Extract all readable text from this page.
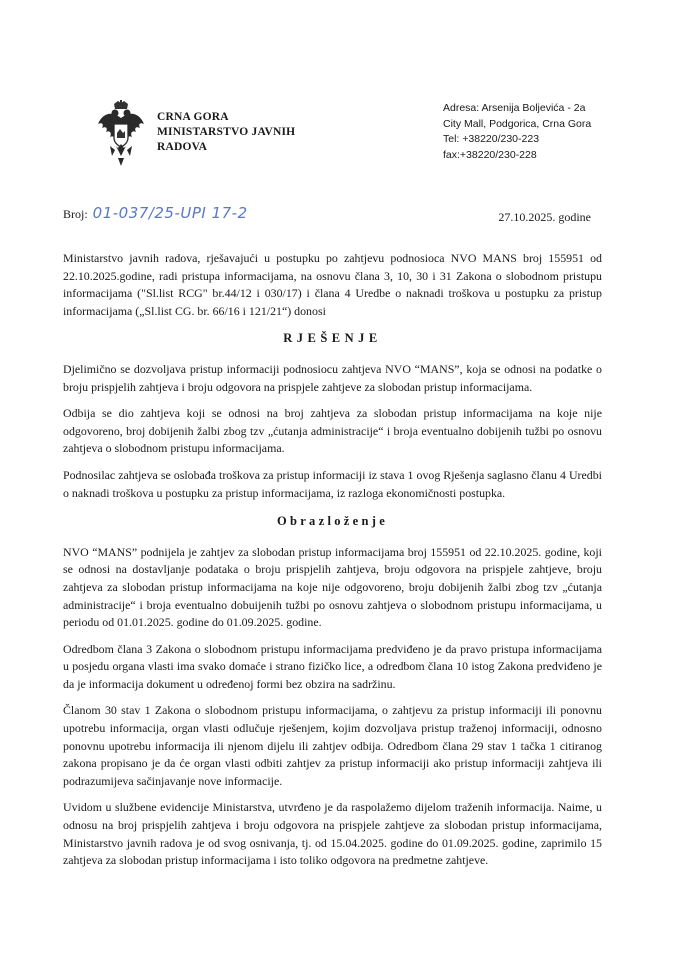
CRNA GORA
MINISTARSTVO JAVNIH
RADOVA
Adresa: Arsenija Boljevića - 2a
City Mall, Podgorica, Crna Gora
Tel: +38220/230-223
fax:+38220/230-228
Broj: 01-037/25-UPI 17-2	27.10.2025. godine

Ministarstvo javnih radova, rješavajući u postupku po zahtjevu podnosioca NVO MANS broj 155951 od 22.10.2025.godine, radi pristupa informacijama, na osnovu člana 3, 10, 30 i 31 Zakona o slobodnom pristupu informacijama ("Sl.list RCG" br.44/12 i 030/17) i člana 4 Uredbe o naknadi troškova u postupku za pristup informacijama („Sl.list CG. br. 66/16 i 121/21“) donosi

RJEŠENJE

Djelimično se dozvoljava pristup informaciji podnosiocu zahtjeva NVO “MANS”, koja se odnosi na podatke o broju prispjelih zahtjeva i broju odgovora na prispjele zahtjeve za slobodan pristup informacijama.

Odbija se dio zahtjeva koji se odnosi na broj zahtjeva za slobodan pristup informacijama na koje nije odgovoreno, broj dobijenih žalbi zbog tzv „ćutanja administracije“ i broja eventualno dobijenih tužbi po osnovu zahtjeva o slobodnom pristupu informacijama.

Podnosilac zahtjeva se oslobađa troškova za pristup informaciji iz stava 1 ovog Rješenja saglasno članu 4 Uredbi o naknadi troškova u postupku za pristup informacijama, iz razloga ekonomičnosti postupka.

Obrazloženje

NVO “MANS” podnijela je zahtjev za slobodan pristup informacijama broj 155951 od 22.10.2025. godine, koji se odnosi na dostavljanje podataka o broju prispjelih zahtjeva, broju odgovora na prispjele zahtjeve, broju zahtjeva za slobodan pristup informacijama na koje nije odgovoreno, broju dobijenih žalbi zbog tzv „ćutanja administracije“ i broja eventualno dobuijenih tužbi po osnovu zahtjeva o slobodnom pristupu informacijama, u periodu od 01.01.2025. godine do 01.09.2025. godine.

Odredbom člana 3 Zakona o slobodnom pristupu informacijama predviđeno je da pravo pristupa informacijama u posjedu organa vlasti ima svako domaće i strano fizičko lice, a odredbom člana 10 istog Zakona predviđeno je da je informacija dokument u određenoj formi bez obzira na sadržinu.

Članom 30 stav 1 Zakona o slobodnom pristupu informacijama, o zahtjevu za pristup informaciji ili ponovnu upotrebu informacija, organ vlasti odlučuje rješenjem, kojim dozvoljava pristup traženoj informaciji, odnosno ponovnu upotrebu informacija ili njenom dijelu ili zahtjev odbija. Odredbom člana 29 stav 1 tačka 1 citiranog zakona propisano je da će organ vlasti odbiti zahtjev za pristup informaciji ako pristup informaciji zahtjeva ili podrazumijeva sačinjavanje nove informacije.

Uvidom u službene evidencije Ministarstva, utvrđeno je da raspolažemo dijelom traženih informacija. Naime, u odnosu na broj prispjelih zahtjeva i broju odgovora na prispjele zahtjeve za slobodan pristup informacijama, Ministarstvo javnih radova je od svog osnivanja, tj. od 15.04.2025. godine do 01.09.2025. godine, zaprimilo 15 zahtjeva za slobodan pristup informacijama i isto toliko odgovora na predmetne zahtjeve.
